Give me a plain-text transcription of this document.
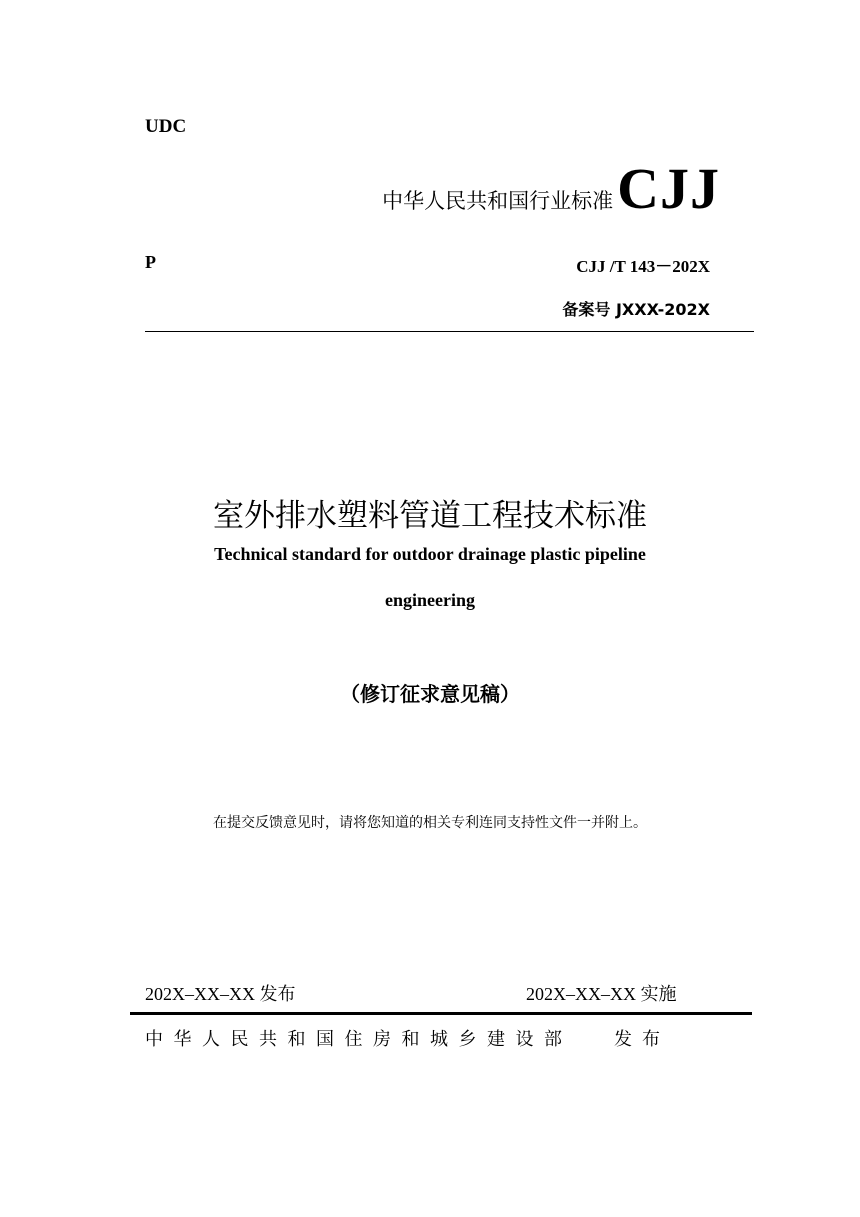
UDC
中华人民共和国行业标准 CJJ
P	CJJ /T 143－202X
备案号 JXXX-202X
室外排水塑料管道工程技术标准
Technical standard for outdoor drainage plastic pipeline
engineering
（修订征求意见稿）
在提交反馈意见时，请将您知道的相关专利连同支持性文件一并附上。
202X–XX–XX 发布	202X–XX–XX 实施
中华人民共和国住房和城乡建设部 发布
